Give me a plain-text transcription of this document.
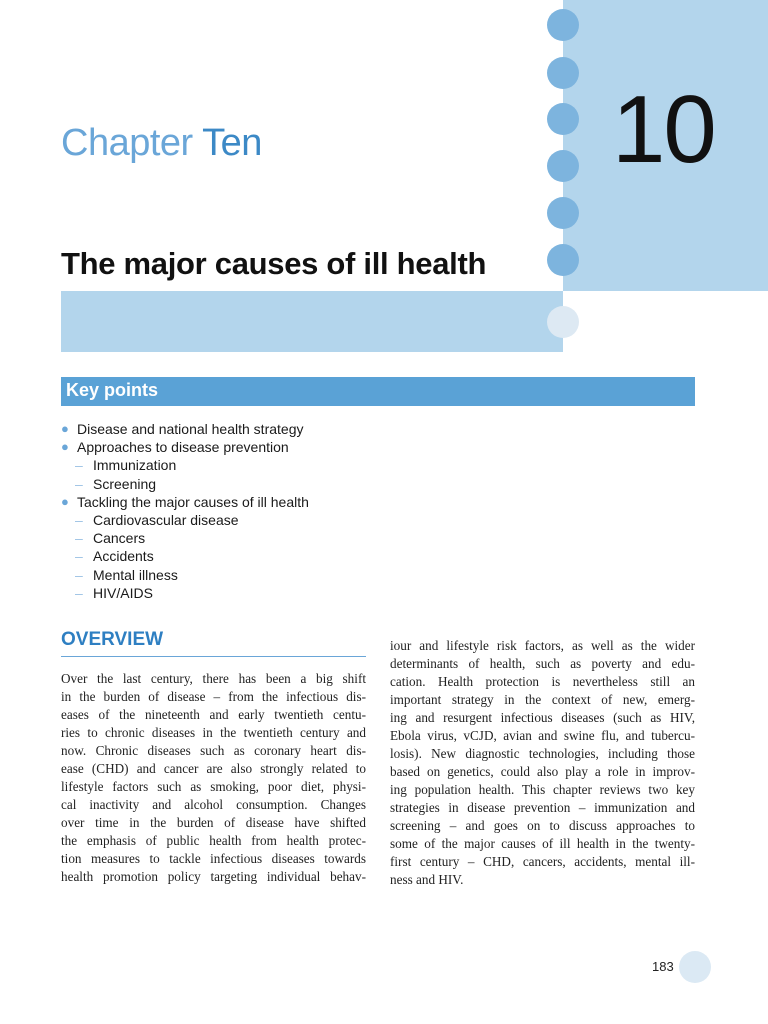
10
Chapter Ten
The major causes of ill health
Key points
● Disease and national health strategy
● Approaches to disease prevention
– Immunization
– Screening
● Tackling the major causes of ill health
– Cardiovascular disease
– Cancers
– Accidents
– Mental illness
– HIV/AIDS
OVERVIEW
Over the last century, there has been a big shift
in the burden of disease – from the infectious dis-
eases of the nineteenth and early twentieth centu-
ries to chronic diseases in the twentieth century and
now. Chronic diseases such as coronary heart dis-
ease (CHD) and cancer are also strongly related to
lifestyle factors such as smoking, poor diet, physi-
cal inactivity and alcohol consumption. Changes
over time in the burden of disease have shifted
the emphasis of public health from health protec-
tion measures to tackle infectious diseases towards
health promotion policy targeting individual behav-
iour and lifestyle risk factors, as well as the wider
determinants of health, such as poverty and edu-
cation. Health protection is nevertheless still an
important strategy in the context of new, emerg-
ing and resurgent infectious diseases (such as HIV,
Ebola virus, vCJD, avian and swine flu, and tubercu-
losis). New diagnostic technologies, including those
based on genetics, could also play a role in improv-
ing population health. This chapter reviews two key
strategies in disease prevention – immunization and
screening – and goes on to discuss approaches to
some of the major causes of ill health in the twenty-
first century – CHD, cancers, accidents, mental ill-
ness and HIV.
183
